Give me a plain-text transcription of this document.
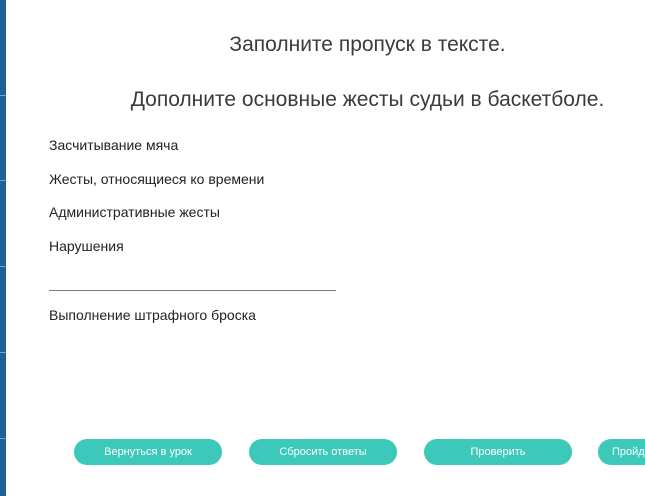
Заполните пропуск в тексте.
Дополните основные жесты судьи в баскетболе.
Засчитывание мяча
Жесты, относящиеся ко времени
Административные жесты
Нарушения
Выполнение штрафного броска
Вернуться в урок	Сбросить ответы	Проверить	Пройд
